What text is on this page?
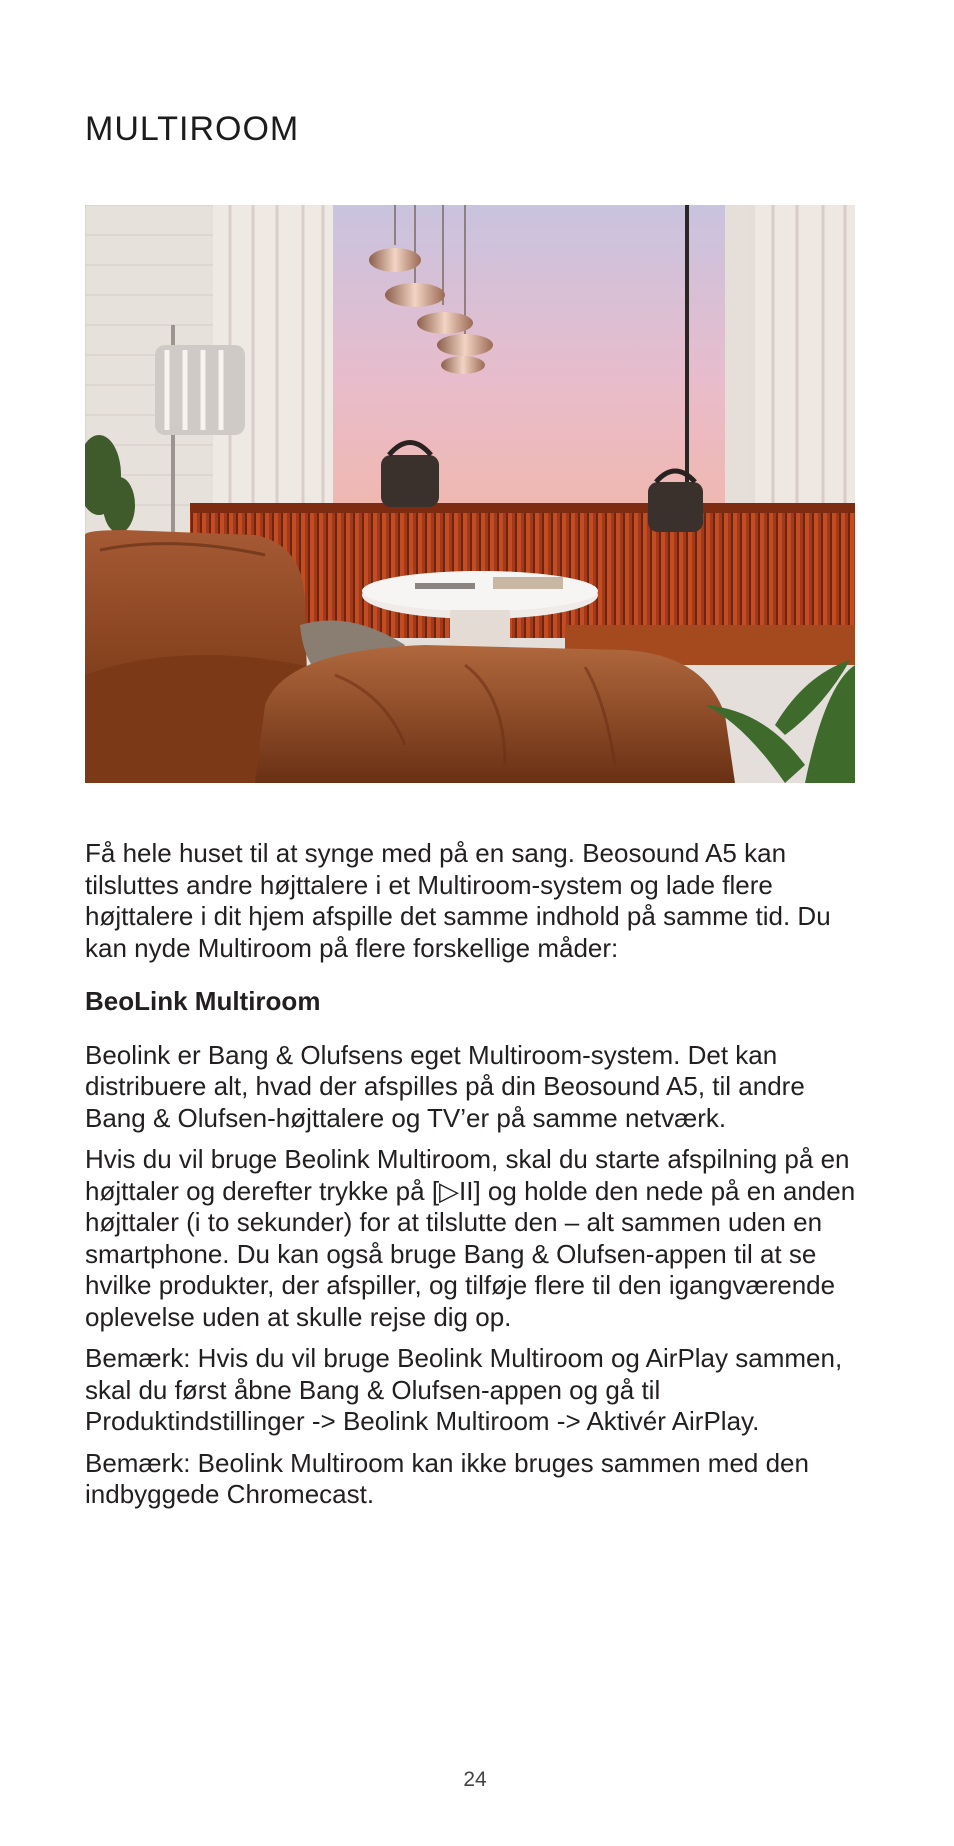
MULTIROOM

Få hele huset til at synge med på en sang. Beosound A5 kan tilsluttes andre højttalere i et Multiroom-system og lade flere højttalere i dit hjem afspille det samme indhold på samme tid. Du kan nyde Multiroom på flere forskellige måder:

BeoLink Multiroom

Beolink er Bang & Olufsens eget Multiroom-system. Det kan distribuere alt, hvad der afspilles på din Beosound A5, til andre Bang & Olufsen-højttalere og TV’er på samme netværk.

Hvis du vil bruge Beolink Multiroom, skal du starte afspilning på en højttaler og derefter trykke på [▷II] og holde den nede på en anden højttaler (i to sekunder) for at tilslutte den – alt sammen uden en smartphone. Du kan også bruge Bang & Olufsen-appen til at se hvilke produkter, der afspiller, og tilføje flere til den igangværende oplevelse uden at skulle rejse dig op.

Bemærk: Hvis du vil bruge Beolink Multiroom og AirPlay sammen, skal du først åbne Bang & Olufsen-appen og gå til Produktindstillinger -> Beolink Multiroom -> Aktivér AirPlay.

Bemærk: Beolink Multiroom kan ikke bruges sammen med den indbyggede Chromecast.

24
